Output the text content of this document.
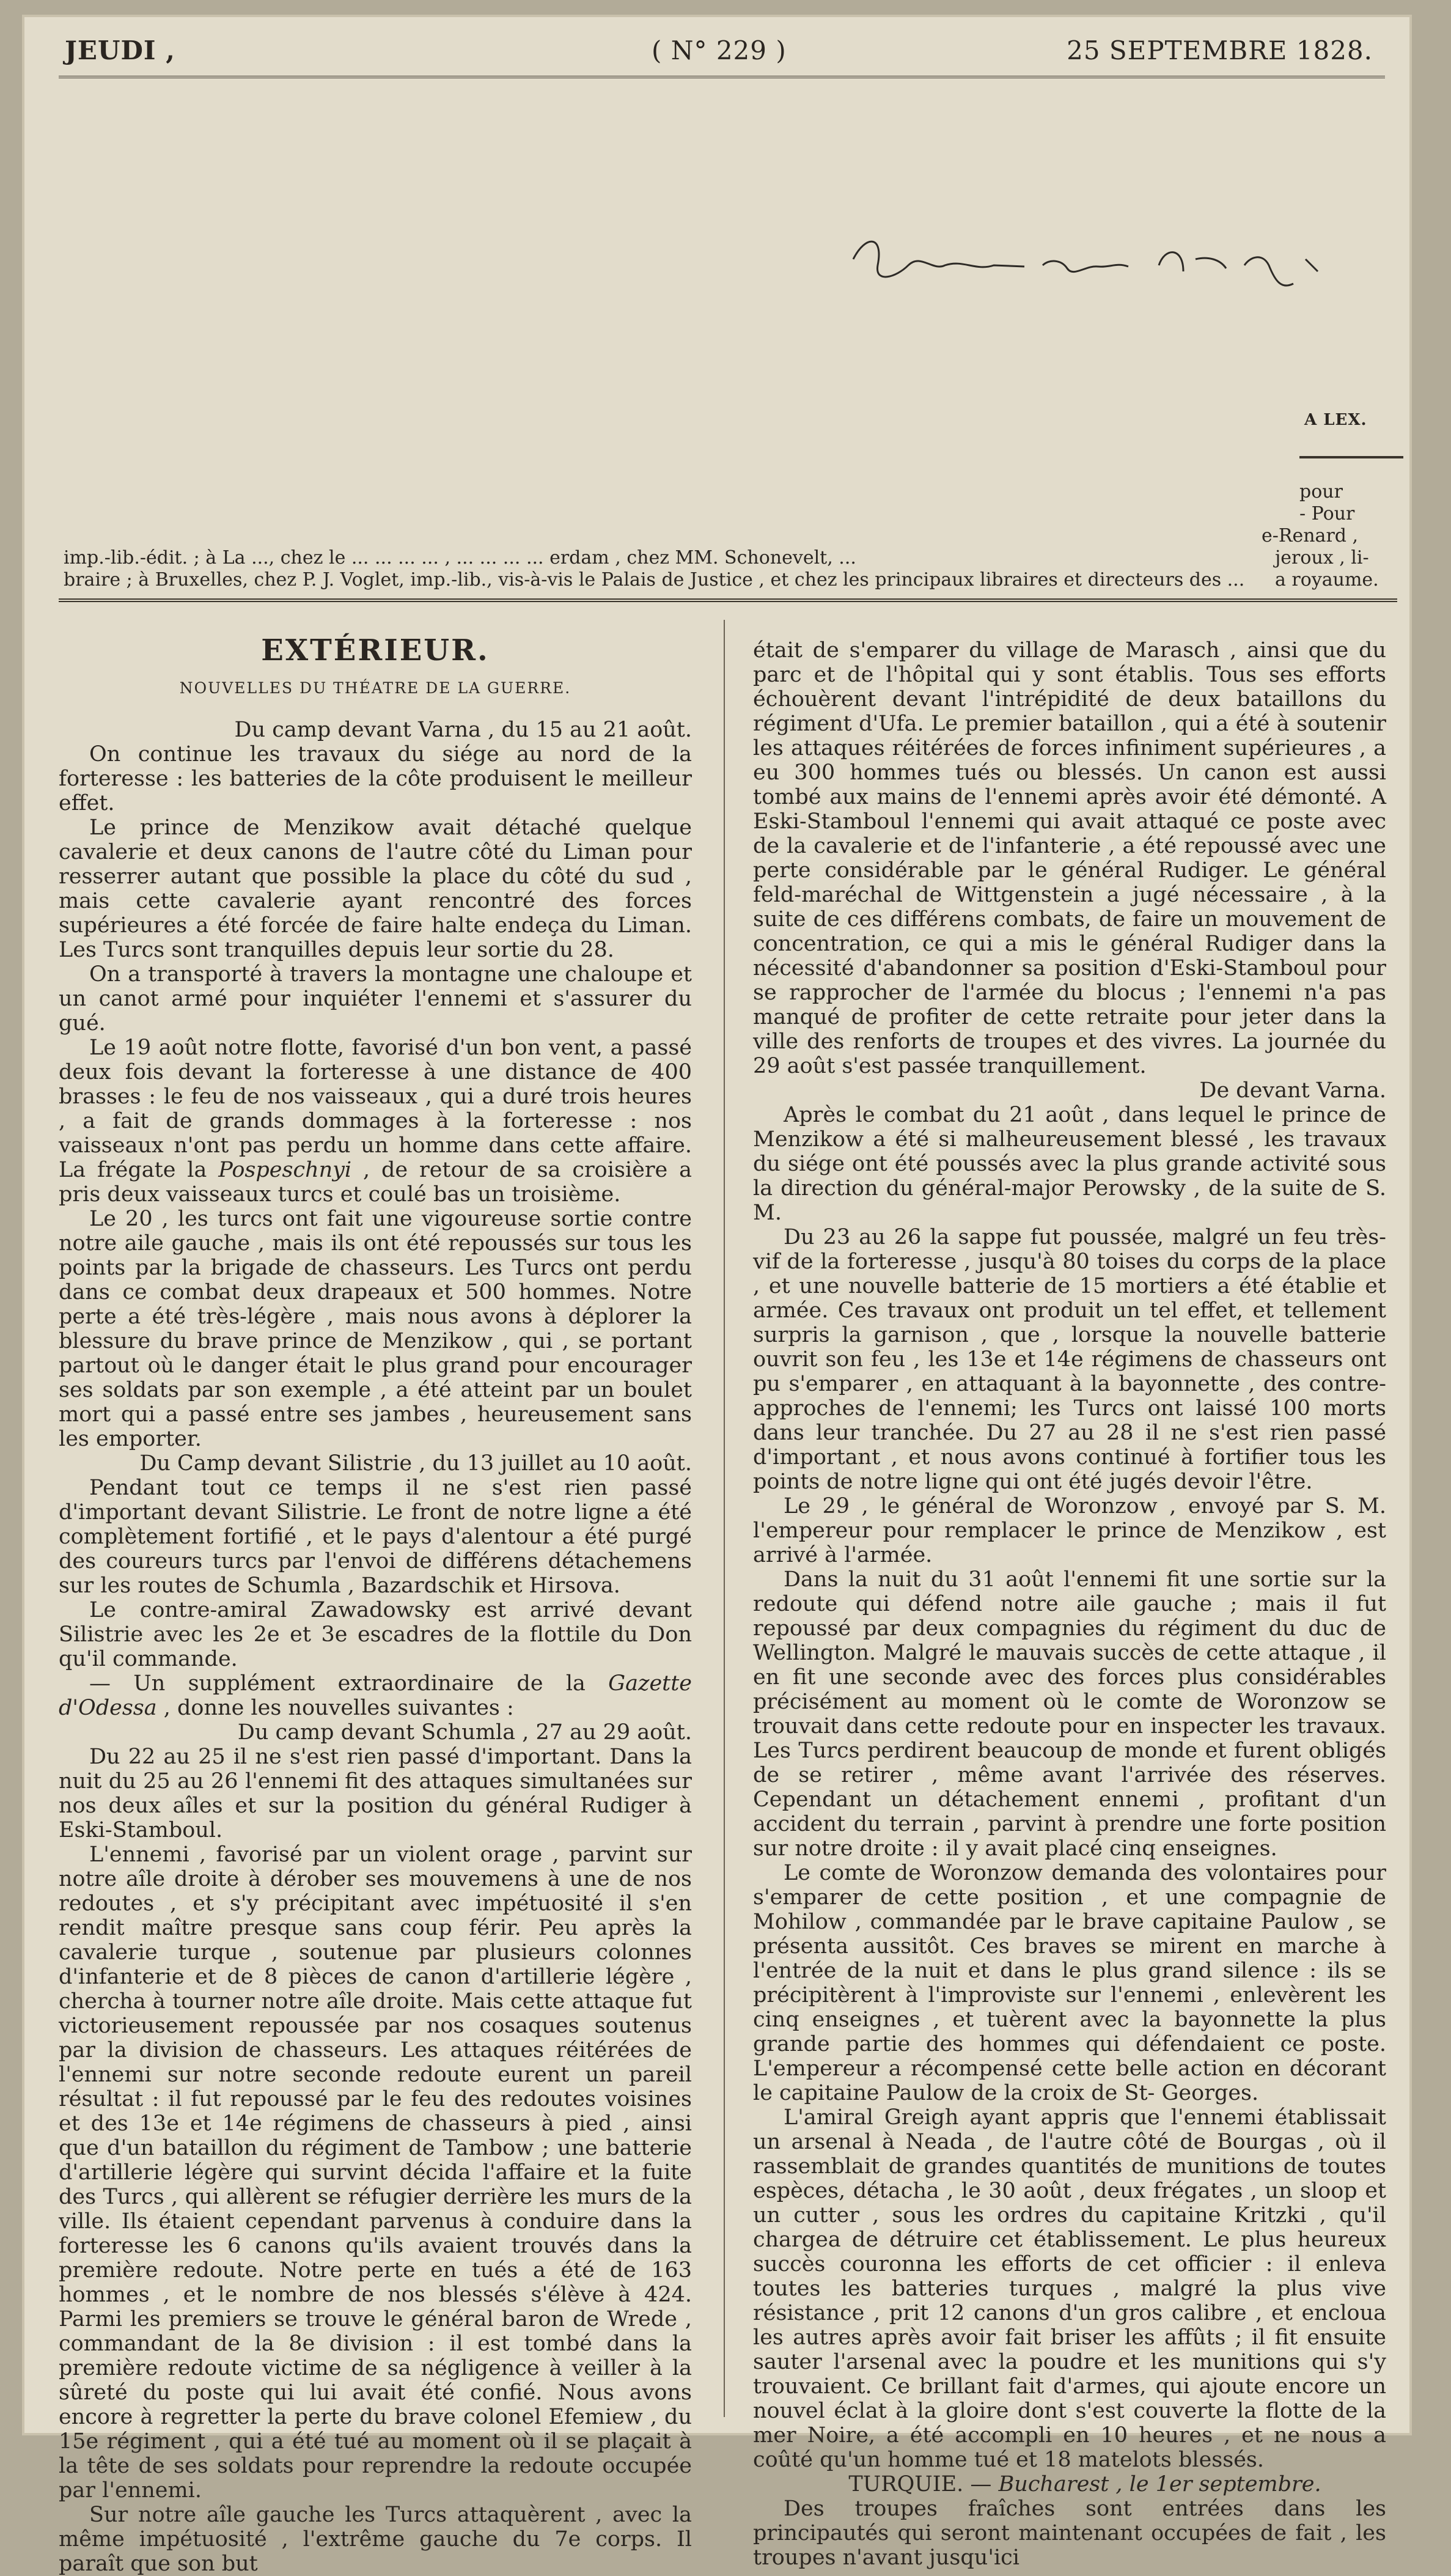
JEUDI ,	( N° 229 )	25 SEPTEMBRE 1828.
A LEX.
pour
- Pour
e-Renard ,
jeroux , li-
a royaume.
imp.-lib.-édit. ; à La ..., chez le ... ... ... ... , ... ... ... ... erdam , chez MM. Schonevelt, ...
braire ; à Bruxelles, chez P. J. Voglet, imp.-lib., vis-à-vis le Palais de Justice , et chez les principaux libraires et directeurs des ...
EXTÉRIEUR.
NOUVELLES DU THÉATRE DE LA GUERRE.

Du camp devant Varna , du 15 au 21 août.

On continue les travaux du siége au nord de la forteresse : les batteries de la côte produisent le meilleur effet.

Le prince de Menzikow avait détaché quelque cavalerie et deux canons de l'autre côté du Liman pour resserrer autant que possible la place du côté du sud , mais cette cavalerie ayant rencontré des forces supérieures a été forcée de faire halte endeça du Liman. Les Turcs sont tranquilles depuis leur sortie du 28.

On a transporté à travers la montagne une chaloupe et un canot armé pour inquiéter l'ennemi et s'assurer du gué.

Le 19 août notre flotte, favorisé d'un bon vent, a passé deux fois devant la forteresse à une distance de 400 brasses : le feu de nos vaisseaux , qui a duré trois heures , a fait de grands dommages à la forteresse : nos vaisseaux n'ont pas perdu un homme dans cette affaire. La frégate la Pospeschnyi , de retour de sa croisière a pris deux vaisseaux turcs et coulé bas un troisième.

Le 20 , les turcs ont fait une vigoureuse sortie contre notre aile gauche , mais ils ont été repoussés sur tous les points par la brigade de chasseurs. Les Turcs ont perdu dans ce combat deux drapeaux et 500 hommes. Notre perte a été très-légère , mais nous avons à déplorer la blessure du brave prince de Menzikow , qui , se portant partout où le danger était le plus grand pour encourager ses soldats par son exemple , a été atteint par un boulet mort qui a passé entre ses jambes , heureusement sans les emporter.

Du Camp devant Silistrie , du 13 juillet au 10 août.

Pendant tout ce temps il ne s'est rien passé d'important devant Silistrie. Le front de notre ligne a été complètement fortifié , et le pays d'alentour a été purgé des coureurs turcs par l'envoi de différens détachemens sur les routes de Schumla , Bazardschik et Hirsova.

Le contre-amiral Zawadowsky est arrivé devant Silistrie avec les 2e et 3e escadres de la flottile du Don qu'il commande.

— Un supplément extraordinaire de la Gazette d'Odessa , donne les nouvelles suivantes :

Du camp devant Schumla , 27 au 29 août.

Du 22 au 25 il ne s'est rien passé d'important. Dans la nuit du 25 au 26 l'ennemi fit des attaques simultanées sur nos deux aîles et sur la position du général Rudiger à Eski-Stamboul.

L'ennemi , favorisé par un violent orage , parvint sur notre aîle droite à dérober ses mouvemens à une de nos redoutes , et s'y précipitant avec impétuosité il s'en rendit maître presque sans coup férir. Peu après la cavalerie turque , soutenue par plusieurs colonnes d'infanterie et de 8 pièces de canon d'artillerie légère , chercha à tourner notre aîle droite. Mais cette attaque fut victorieusement repoussée par nos cosaques soutenus par la division de chasseurs. Les attaques réitérées de l'ennemi sur notre seconde redoute eurent un pareil résultat : il fut repoussé par le feu des redoutes voisines et des 13e et 14e régimens de chasseurs à pied , ainsi que d'un bataillon du régiment de Tambow ; une batterie d'artillerie légère qui survint décida l'affaire et la fuite des Turcs , qui allèrent se réfugier derrière les murs de la ville. Ils étaient cependant parvenus à conduire dans la forteresse les 6 canons qu'ils avaient trouvés dans la première redoute. Notre perte en tués a été de 163 hommes , et le nombre de nos blessés s'élève à 424. Parmi les premiers se trouve le général baron de Wrede , commandant de la 8e division : il est tombé dans la première redoute victime de sa négligence à veiller à la sûreté du poste qui lui avait été confié. Nous avons encore à regretter la perte du brave colonel Efemiew , du 15e régiment , qui a été tué au moment où il se plaçait à la tête de ses soldats pour reprendre la redoute occupée par l'ennemi.

Sur notre aîle gauche les Turcs attaquèrent , avec la même impétuosité , l'extrême gauche du 7e corps. Il paraît que son but

était de s'emparer du village de Marasch , ainsi que du parc et de l'hôpital qui y sont établis. Tous ses efforts échouèrent devant l'intrépidité de deux bataillons du régiment d'Ufa. Le premier bataillon , qui a été à soutenir les attaques réitérées de forces infiniment supérieures , a eu 300 hommes tués ou blessés. Un canon est aussi tombé aux mains de l'ennemi après avoir été démonté. A Eski-Stamboul l'ennemi qui avait attaqué ce poste avec de la cavalerie et de l'infanterie , a été repoussé avec une perte considérable par le général Rudiger. Le général feld-maréchal de Wittgenstein a jugé nécessaire , à la suite de ces différens combats, de faire un mouvement de concentration, ce qui a mis le général Rudiger dans la nécessité d'abandonner sa position d'Eski-Stamboul pour se rapprocher de l'armée du blocus ; l'ennemi n'a pas manqué de profiter de cette retraite pour jeter dans la ville des renforts de troupes et des vivres. La journée du 29 août s'est passée tranquillement.

De devant Varna.

Après le combat du 21 août , dans lequel le prince de Menzikow a été si malheureusement blessé , les travaux du siége ont été poussés avec la plus grande activité sous la direction du général-major Perowsky , de la suite de S. M.

Du 23 au 26 la sappe fut poussée, malgré un feu très-vif de la forteresse , jusqu'à 80 toises du corps de la place , et une nouvelle batterie de 15 mortiers a été établie et armée. Ces travaux ont produit un tel effet, et tellement surpris la garnison , que , lorsque la nouvelle batterie ouvrit son feu , les 13e et 14e régimens de chasseurs ont pu s'emparer , en attaquant à la bayonnette , des contre-approches de l'ennemi; les Turcs ont laissé 100 morts dans leur tranchée. Du 27 au 28 il ne s'est rien passé d'important , et nous avons continué à fortifier tous les points de notre ligne qui ont été jugés devoir l'être.

Le 29 , le général de Woronzow , envoyé par S. M. l'empereur pour remplacer le prince de Menzikow , est arrivé à l'armée.

Dans la nuit du 31 août l'ennemi fit une sortie sur la redoute qui défend notre aile gauche ; mais il fut repoussé par deux compagnies du régiment du duc de Wellington. Malgré le mauvais succès de cette attaque , il en fit une seconde avec des forces plus considérables précisément au moment où le comte de Woronzow se trouvait dans cette redoute pour en inspecter les travaux. Les Turcs perdirent beaucoup de monde et furent obligés de se retirer , même avant l'arrivée des réserves. Cependant un détachement ennemi , profitant d'un accident du terrain , parvint à prendre une forte position sur notre droite : il y avait placé cinq enseignes.

Le comte de Woronzow demanda des volontaires pour s'emparer de cette position , et une compagnie de Mohilow , commandée par le brave capitaine Paulow , se présenta aussitôt. Ces braves se mirent en marche à l'entrée de la nuit et dans le plus grand silence : ils se précipitèrent à l'improviste sur l'ennemi , enlevèrent les cinq enseignes , et tuèrent avec la bayonnette la plus grande partie des hommes qui défendaient ce poste. L'empereur a récompensé cette belle action en décorant le capitaine Paulow de la croix de St- Georges.

L'amiral Greigh ayant appris que l'ennemi établissait un arsenal à Neada , de l'autre côté de Bourgas , où il rassemblait de grandes quantités de munitions de toutes espèces, détacha , le 30 août , deux frégates , un sloop et un cutter , sous les ordres du capitaine Kritzki , qu'il chargea de détruire cet établissement. Le plus heureux succès couronna les efforts de cet officier : il enleva toutes les batteries turques , malgré la plus vive résistance , prit 12 canons d'un gros calibre , et encloua les autres après avoir fait briser les affûts ; il fit ensuite sauter l'arsenal avec la poudre et les munitions qui s'y trouvaient. Ce brillant fait d'armes, qui ajoute encore un nouvel éclat à la gloire dont s'est couverte la flotte de la mer Noire, a été accompli en 10 heures , et ne nous a coûté qu'un homme tué et 18 matelots blessés.

TURQUIE. — Bucharest , le 1er septembre.

Des troupes fraîches sont entrées dans les principautés qui seront maintenant occupées de fait , les troupes n'avant jusqu'ici
